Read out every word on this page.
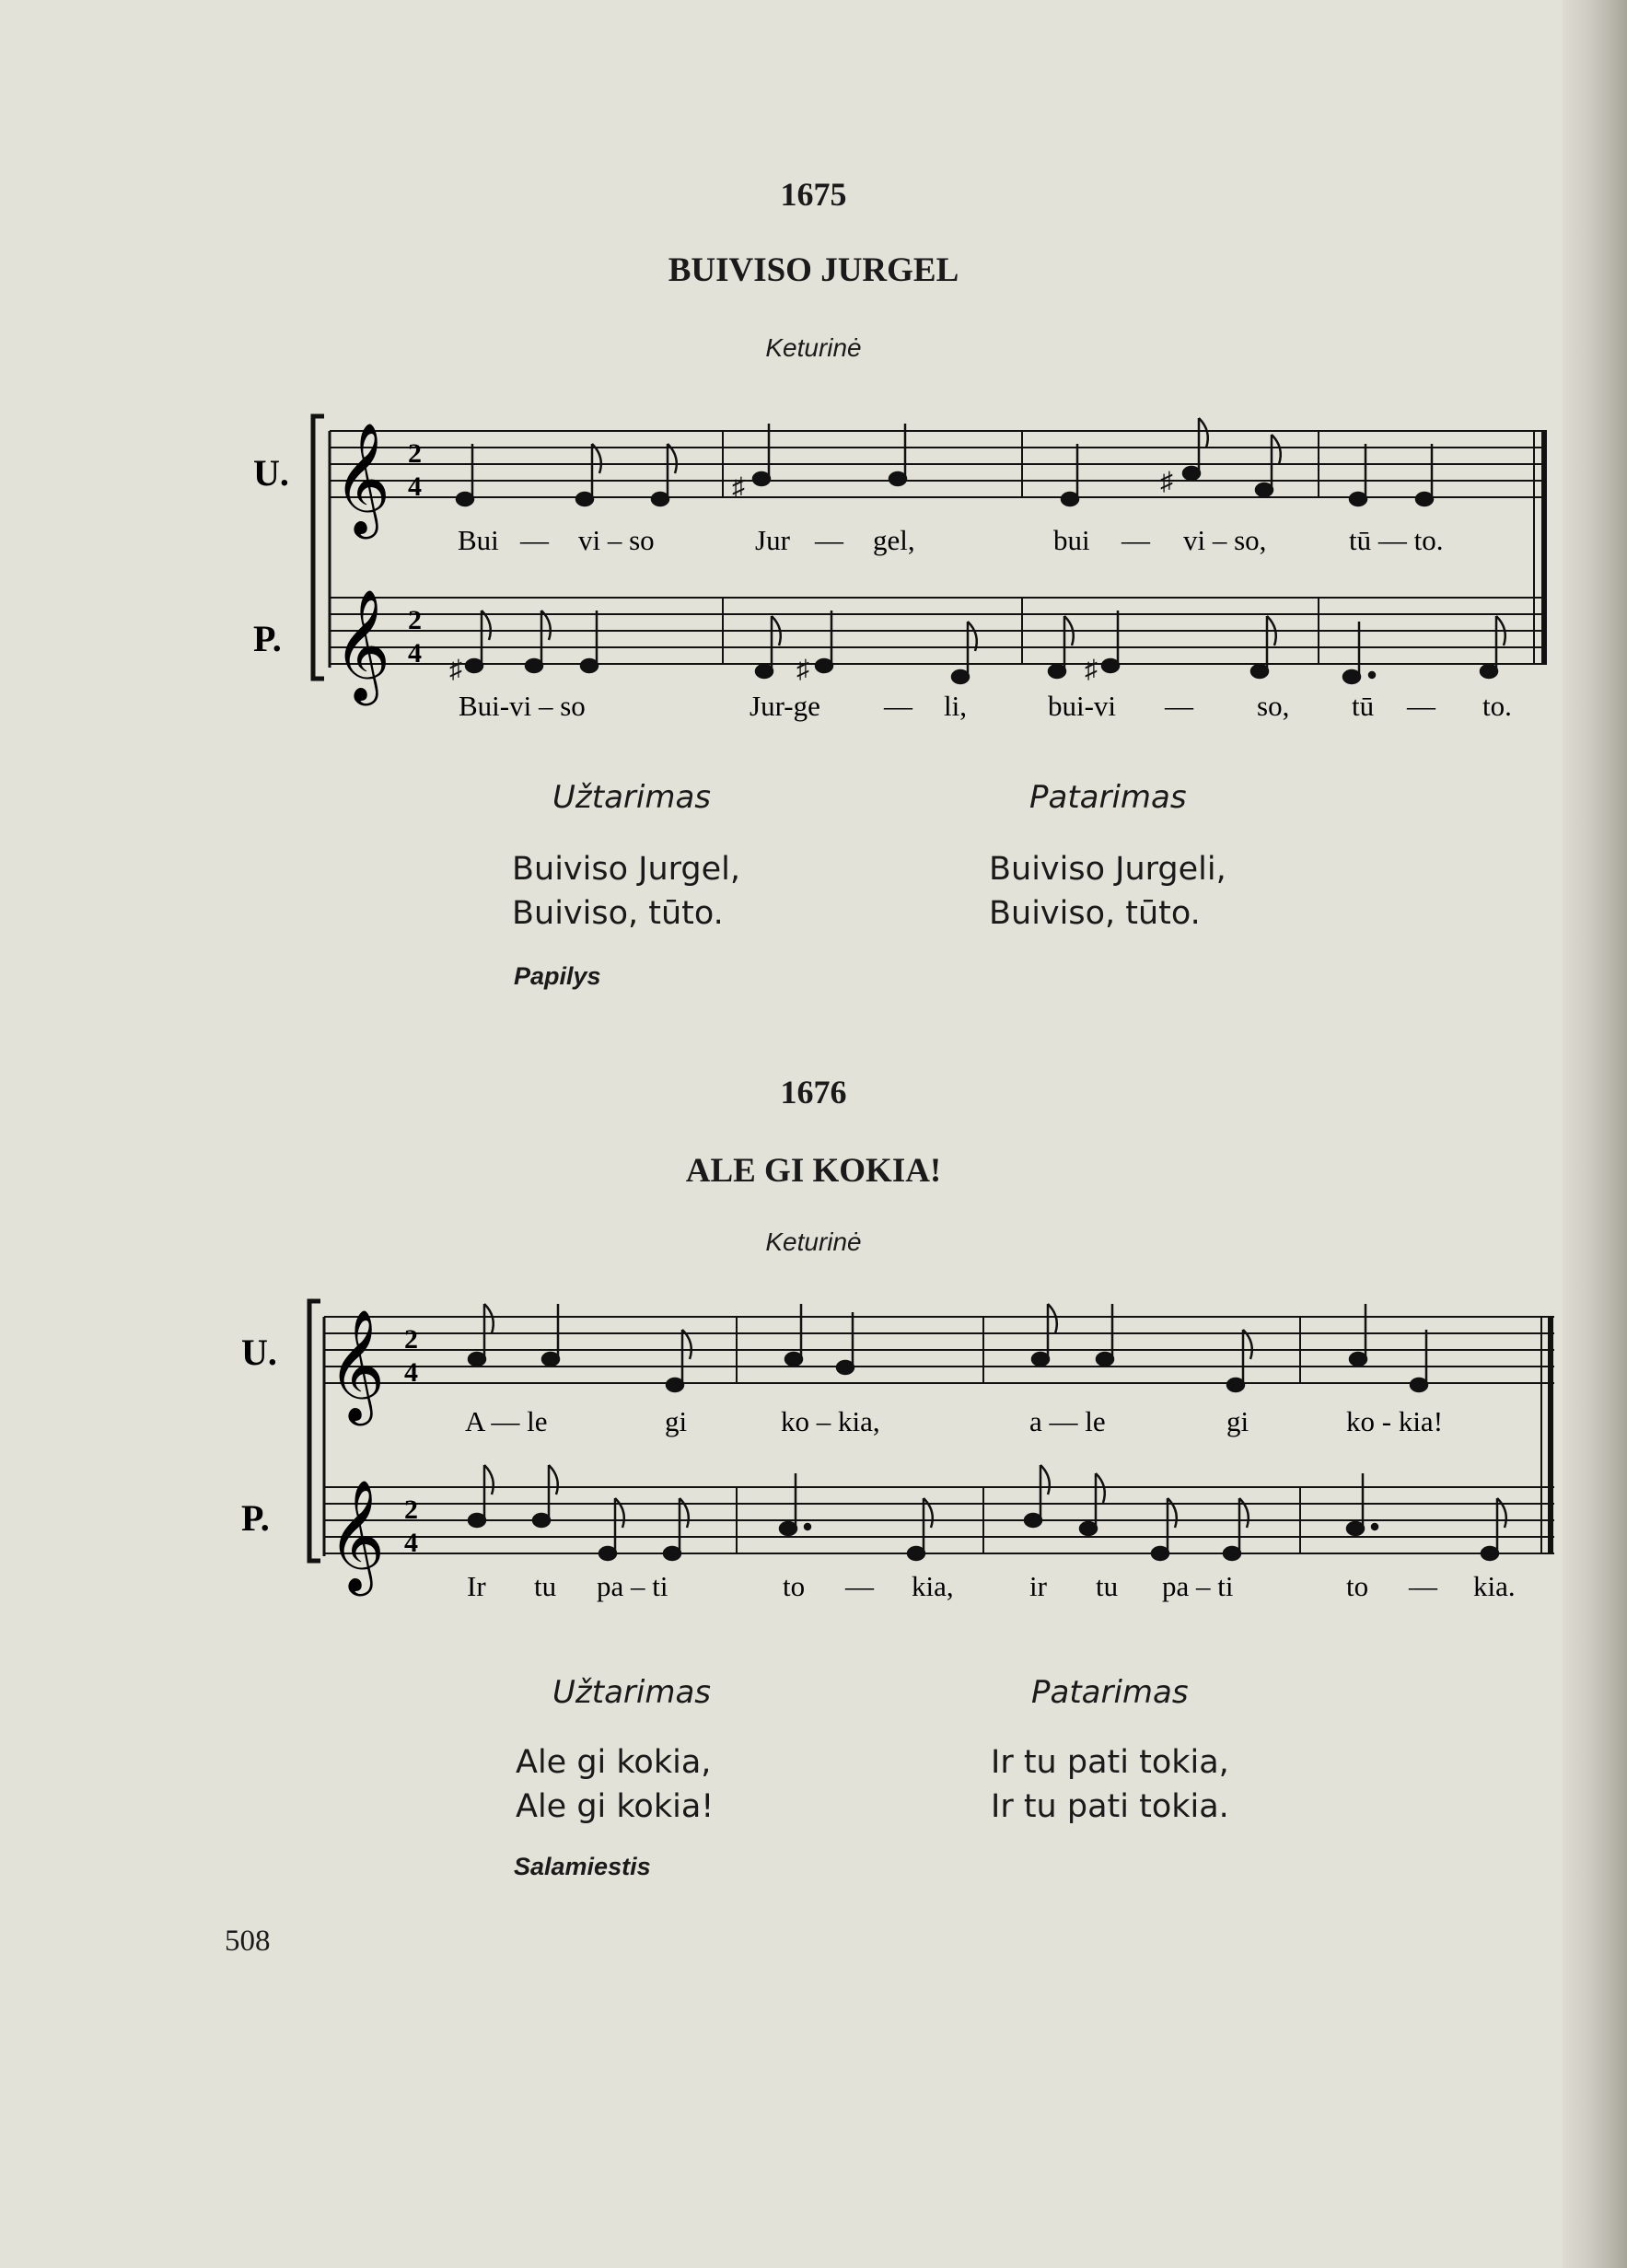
1675
BUIVISO JURGEL
Keturinė
U.
P.
𝄞
𝄞
2
4
2
4
♯	♯
♯	♯	♯
Bui — vi – so	Jur — gel,	bui — vi – so,	tū — to.
Bui-vi – so	Jur-ge — li,	bui-vi — so, tū — to.
Užtarimas	Patarimas
Buiviso Jurgel,
Buiviso, tūto.
Buiviso Jurgeli,
Buiviso, tūto.
Papilys
1676
ALE GI KOKIA!
Keturinė
U.
P.
𝄞
𝄞
2
4
2
4
A — le	gi	ko – kia,	a — le	gi	ko - kia!
Ir tu pa – ti	to — kia,	ir tu pa – ti	to — kia.
Užtarimas	Patarimas
Ale gi kokia,
Ale gi kokia!
Ir tu pati tokia,
Ir tu pati tokia.
Salamiestis
508
